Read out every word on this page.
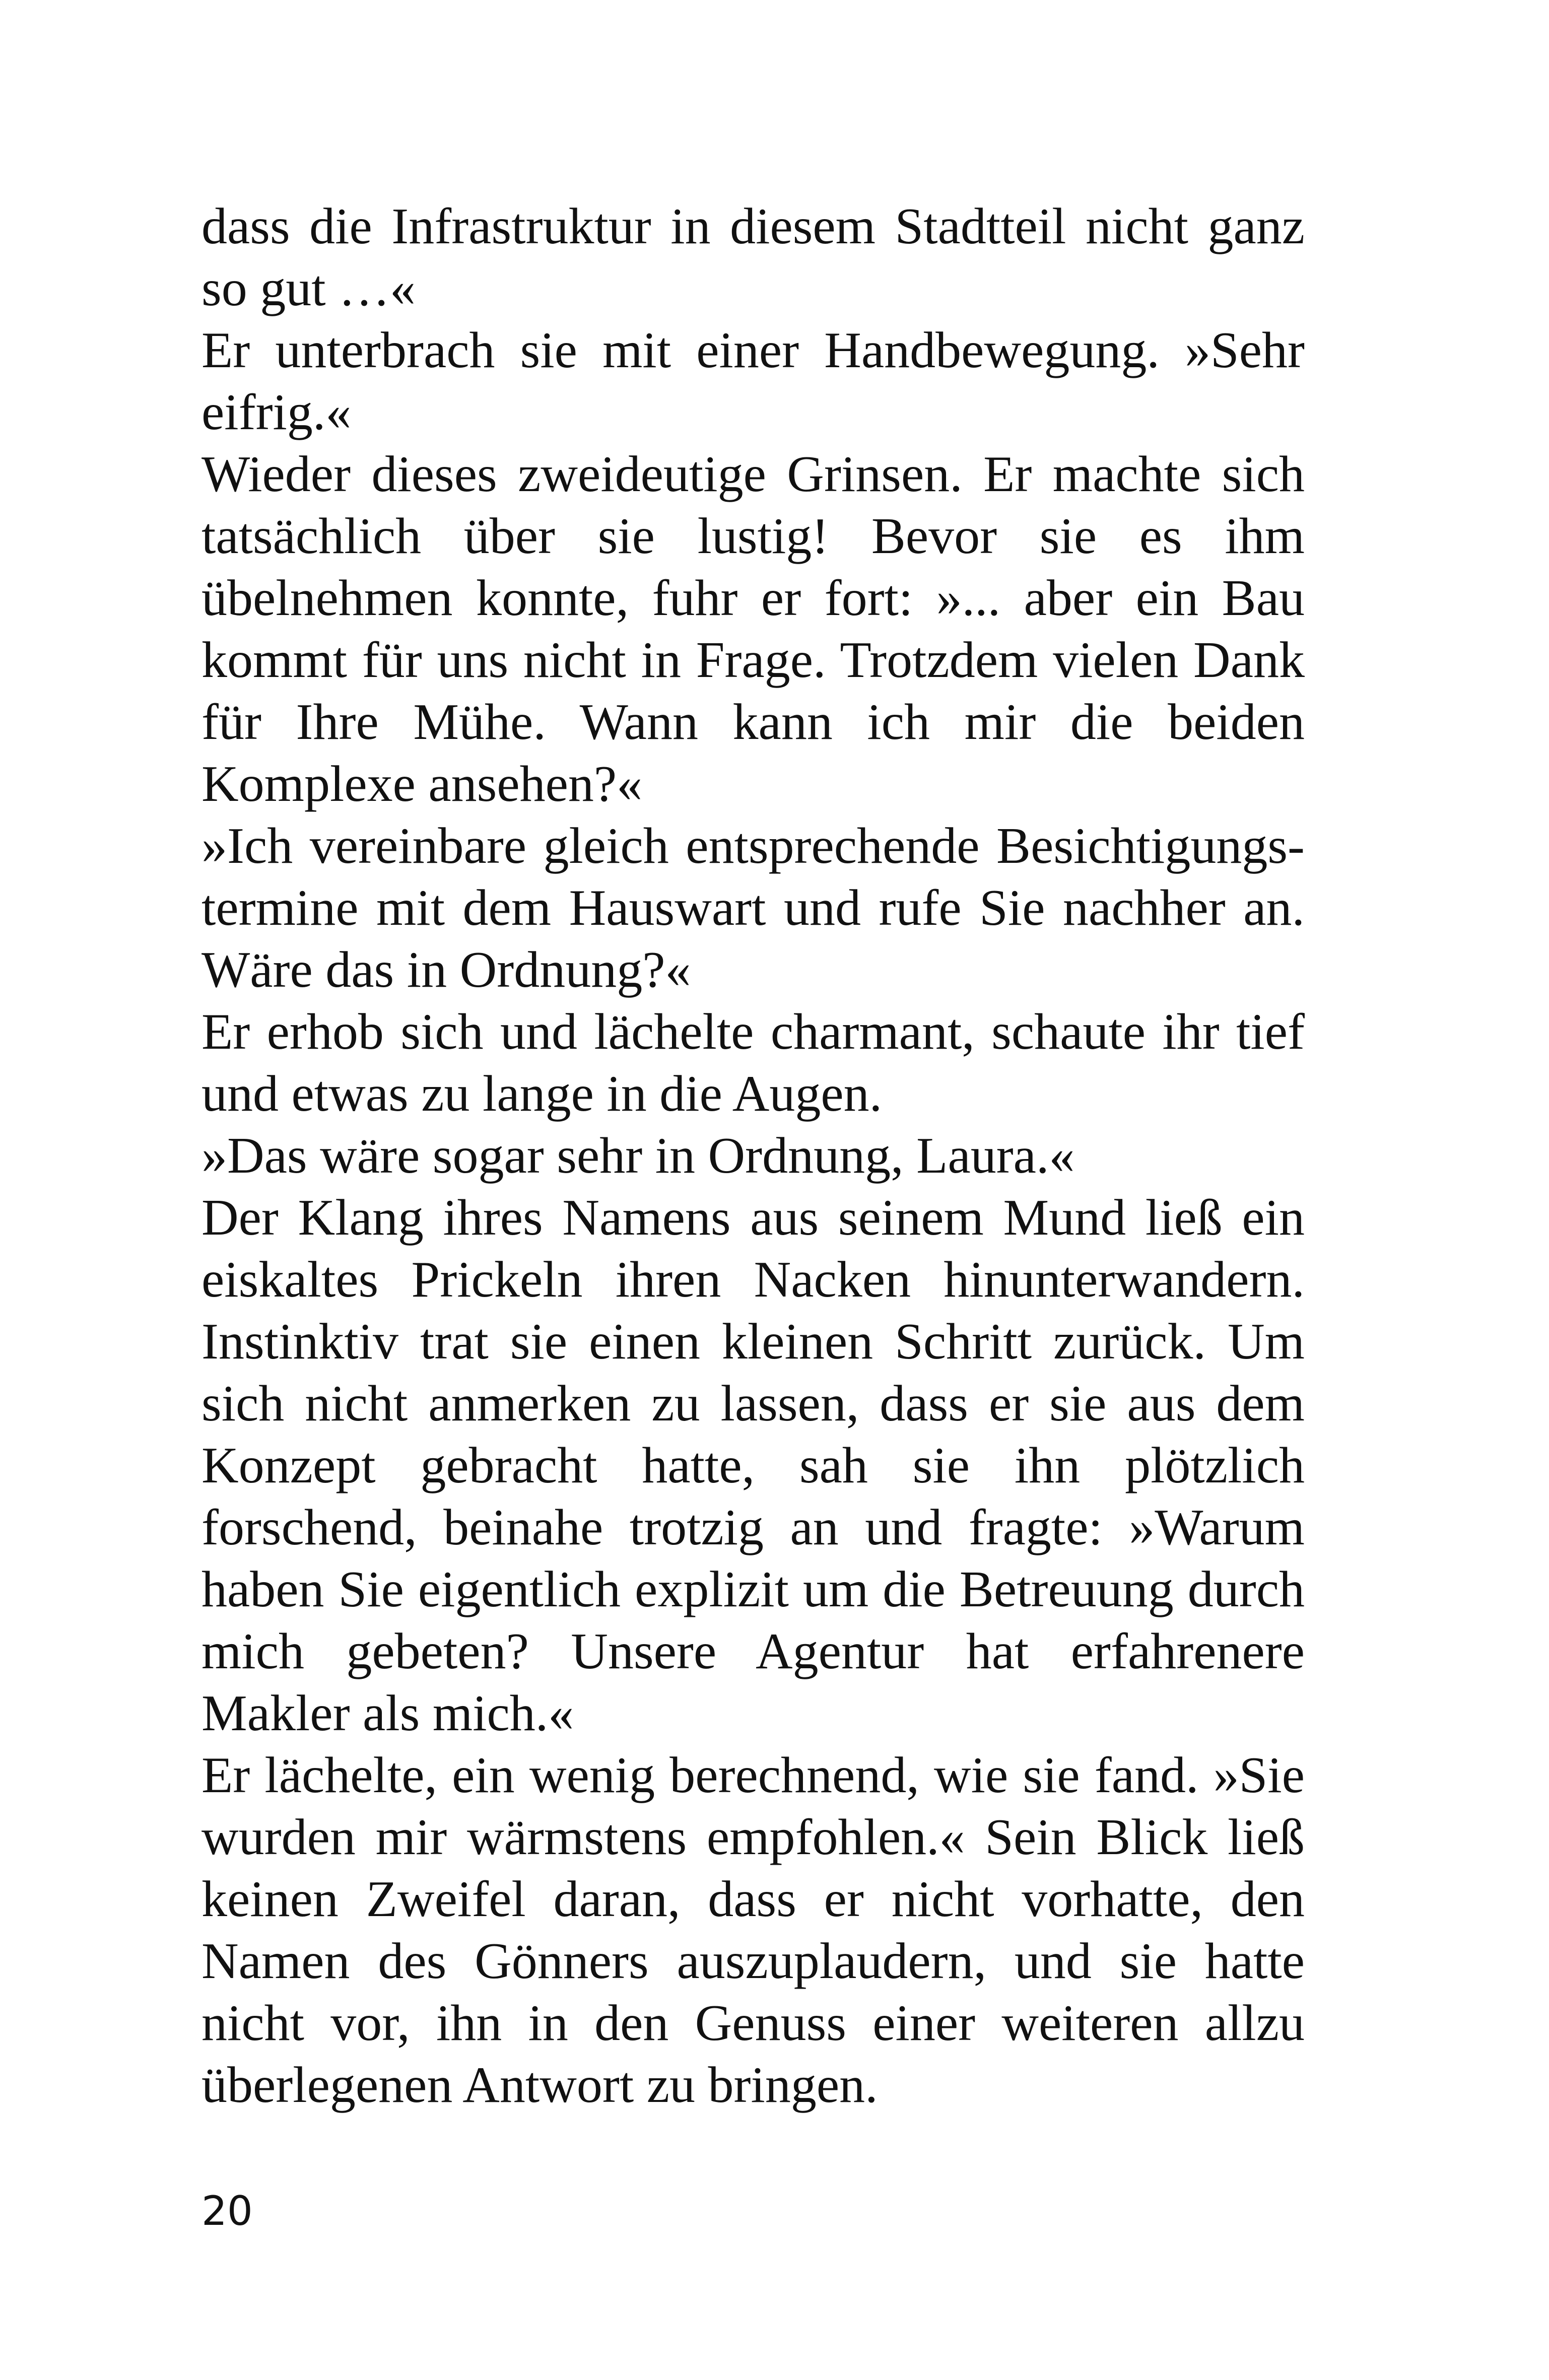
dass die Infrastruktur in diesem Stadtteil nicht ganz so gut …«

Er unterbrach sie mit einer Handbewegung. »Sehr eifrig.«

Wieder dieses zweideutige Grinsen. Er machte sich tatsächlich über sie lustig! Bevor sie es ihm übelnehmen konnte, fuhr er fort: »... aber ein Bau kommt für uns nicht in Frage. Trotzdem vielen Dank für Ihre Mühe. Wann kann ich mir die beiden Komplexe ansehen?«

»Ich vereinbare gleich entsprechende Besichtigungstermine mit dem Hauswart und rufe Sie nachher an. Wäre das in Ordnung?«

Er erhob sich und lächelte charmant, schaute ihr tief und etwas zu lange in die Augen.

»Das wäre sogar sehr in Ordnung, Laura.«

Der Klang ihres Namens aus seinem Mund ließ ein eiskaltes Prickeln ihren Nacken hinunterwandern. Instinktiv trat sie einen kleinen Schritt zurück. Um sich nicht anmerken zu lassen, dass er sie aus dem Konzept gebracht hatte, sah sie ihn plötzlich forschend, beinahe trotzig an und fragte: »Warum haben Sie eigentlich explizit um die Betreuung durch mich gebeten? Unsere Agentur hat erfahrenere Makler als mich.«

Er lächelte, ein wenig berechnend, wie sie fand. »Sie wurden mir wärmstens empfohlen.« Sein Blick ließ keinen Zweifel daran, dass er nicht vorhatte, den Namen des Gönners auszuplaudern, und sie hatte nicht vor, ihn in den Genuss einer weiteren allzu überlegenen Antwort zu bringen.

20
